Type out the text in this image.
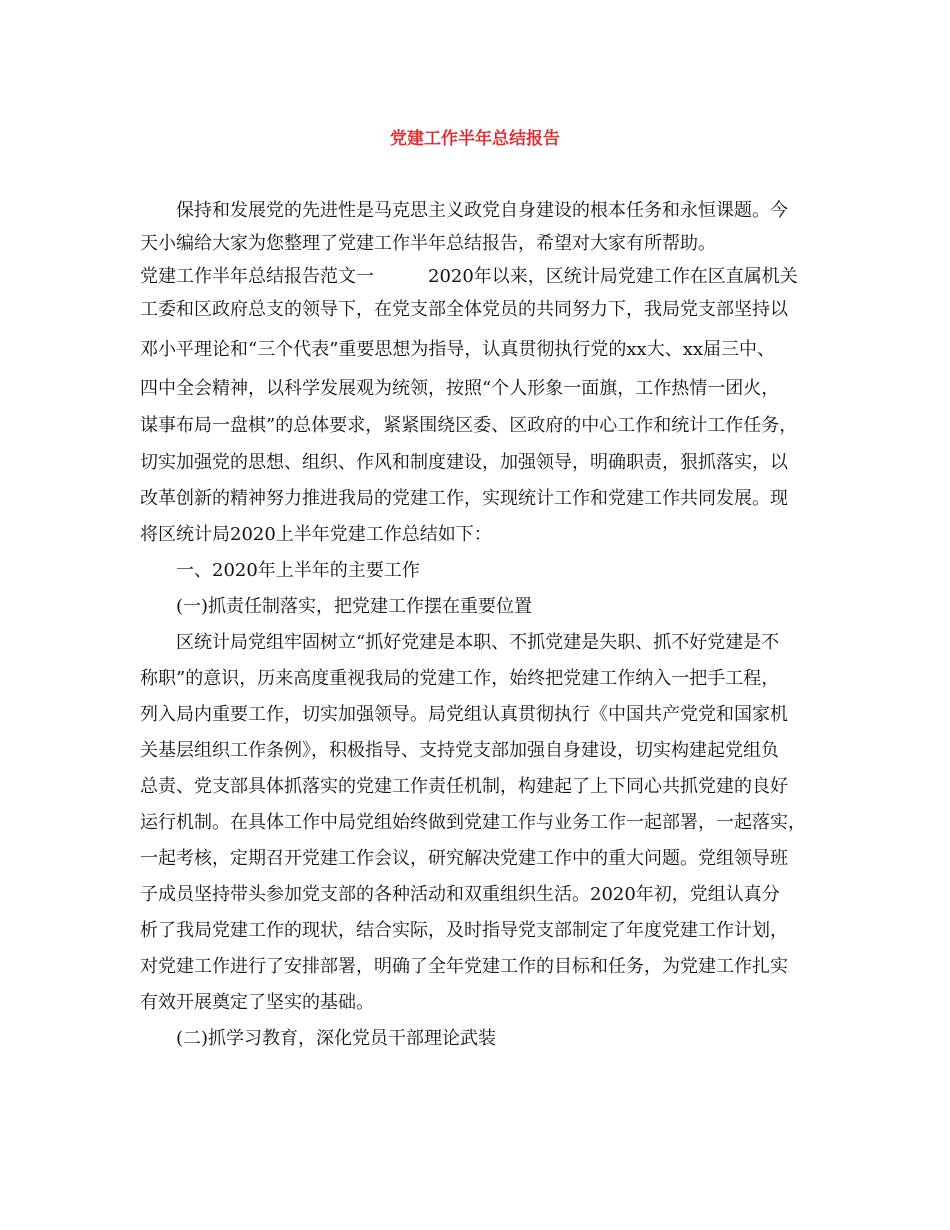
党建工作半年总结报告

保持和发展党的先进性是马克思主义政党自身建设的根本任务和永恒课题。今

天小编给大家为您整理了党建工作半年总结报告，希望对大家有所帮助。

党建工作半年总结报告范文一　　　2020年以来，区统计局党建工作在区直属机关

工委和区政府总支的领导下，在党支部全体党员的共同努力下，我局党支部坚持以

邓小平理论和“三个代表”重要思想为指导，认真贯彻执行党的xx大、xx届三中、

四中全会精神，以科学发展观为统领，按照“个人形象一面旗，工作热情一团火，

谋事布局一盘棋”的总体要求，紧紧围绕区委、区政府的中心工作和统计工作任务，

切实加强党的思想、组织、作风和制度建设，加强领导，明确职责，狠抓落实，以

改革创新的精神努力推进我局的党建工作，实现统计工作和党建工作共同发展。现

将区统计局2020上半年党建工作总结如下：

一、2020年上半年的主要工作

(一)抓责任制落实，把党建工作摆在重要位置

区统计局党组牢固树立“抓好党建是本职、不抓党建是失职、抓不好党建是不

称职”的意识，历来高度重视我局的党建工作，始终把党建工作纳入一把手工程，

列入局内重要工作，切实加强领导。局党组认真贯彻执行《中国共产党党和国家机

关基层组织工作条例》，积极指导、支持党支部加强自身建设，切实构建起党组负

总责、党支部具体抓落实的党建工作责任机制，构建起了上下同心共抓党建的良好

运行机制。在具体工作中局党组始终做到党建工作与业务工作一起部署，一起落实，

一起考核，定期召开党建工作会议，研究解决党建工作中的重大问题。党组领导班

子成员坚持带头参加党支部的各种活动和双重组织生活。2020年初，党组认真分

析了我局党建工作的现状，结合实际，及时指导党支部制定了年度党建工作计划，

对党建工作进行了安排部署，明确了全年党建工作的目标和任务，为党建工作扎实

有效开展奠定了坚实的基础。

(二)抓学习教育，深化党员干部理论武装
